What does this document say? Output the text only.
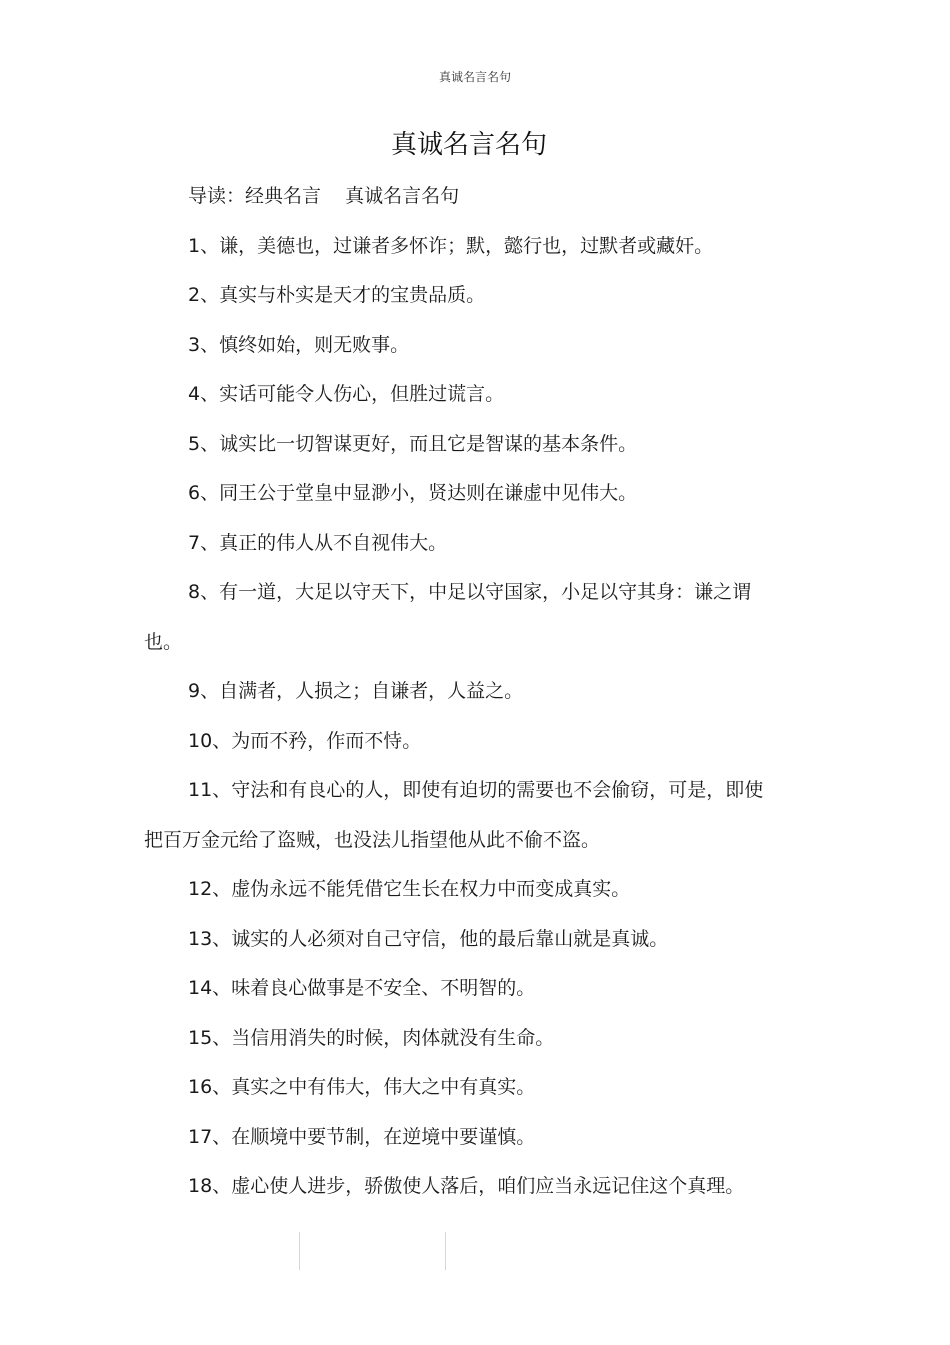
真诚名言名句
真诚名言名句

导读：经典名言    真诚名言名句

1、谦，美德也，过谦者多怀诈；默，懿行也，过默者或藏奸。

2、真实与朴实是天才的宝贵品质。

3、慎终如始，则无败事。

4、实话可能令人伤心，但胜过谎言。

5、诚实比一切智谋更好，而且它是智谋的基本条件。

6、同王公于堂皇中显渺小，贤达则在谦虚中见伟大。

7、真正的伟人从不自视伟大。

8、有一道，大足以守天下，中足以守国家，小足以守其身：谦之谓也。

9、自满者，人损之；自谦者，人益之。

10、为而不矜，作而不恃。

11、守法和有良心的人，即使有迫切的需要也不会偷窃，可是，即使把百万金元给了盗贼，也没法儿指望他从此不偷不盗。

12、虚伪永远不能凭借它生长在权力中而变成真实。

13、诚实的人必须对自己守信，他的最后靠山就是真诚。

14、味着良心做事是不安全、不明智的。

15、当信用消失的时候，肉体就没有生命。

16、真实之中有伟大，伟大之中有真实。

17、在顺境中要节制，在逆境中要谨慎。

18、虚心使人进步，骄傲使人落后，咱们应当永远记住这个真理。
